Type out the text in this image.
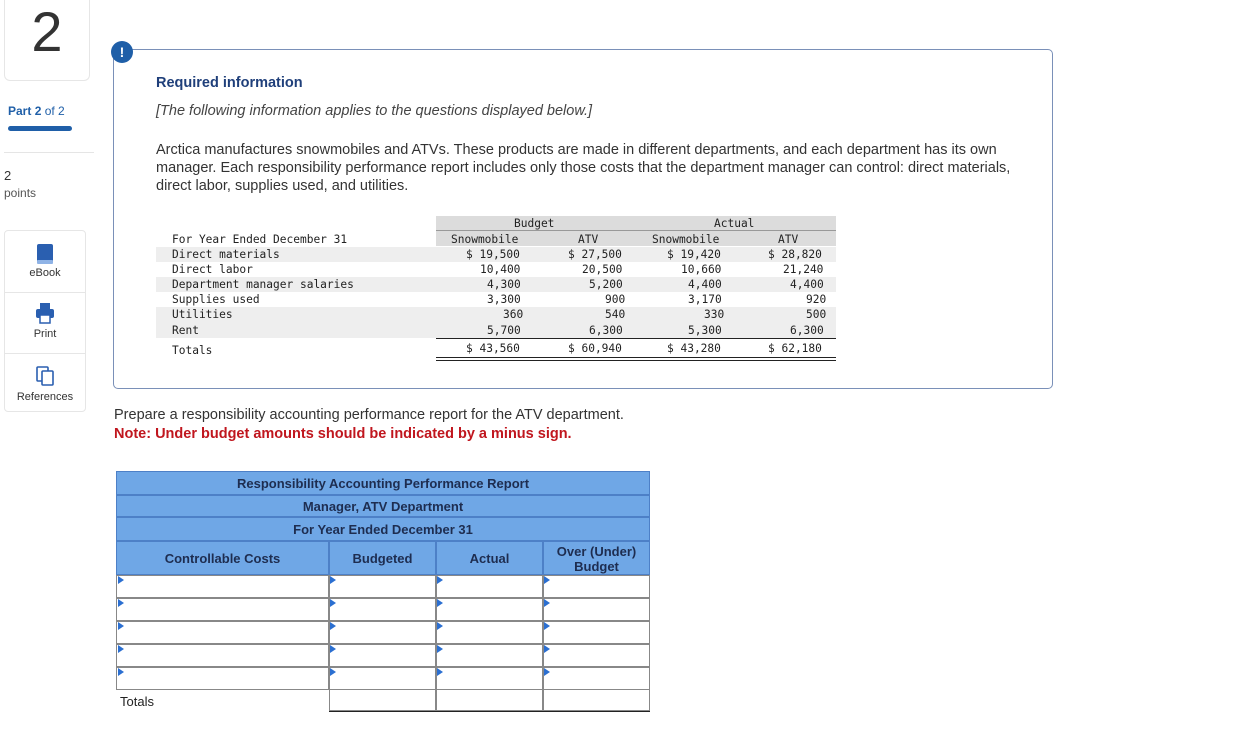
2
Part 2 of 2
2
points
eBook
Print
References
!
Required information
[The following information applies to the questions displayed below.]
Arctica manufactures snowmobiles and ATVs. These products are made in different departments, and each department has its own manager. Each responsibility performance report includes only those costs that the department manager can control: direct materials, direct labor, supplies used, and utilities.
Budget	Actual
For Year Ended December 31	Snowmobile	ATV	Snowmobile	ATV
Direct materials	$ 19,500	$ 27,500	$ 19,420	$ 28,820
Direct labor	10,400	20,500	10,660	21,240
Department manager salaries	4,300	5,200	4,400	4,400
Supplies used	3,300	900	3,170	920
Utilities	360	540	330	500
Rent	5,700	6,300	5,300	6,300
Totals	$ 43,560	$ 60,940	$ 43,280	$ 62,180
Prepare a responsibility accounting performance report for the ATV department.
Note: Under budget amounts should be indicated by a minus sign.
Responsibility Accounting Performance Report
Manager, ATV Department
For Year Ended December 31
Controllable Costs	Budgeted	Actual	Over (Under) Budget
Totals
